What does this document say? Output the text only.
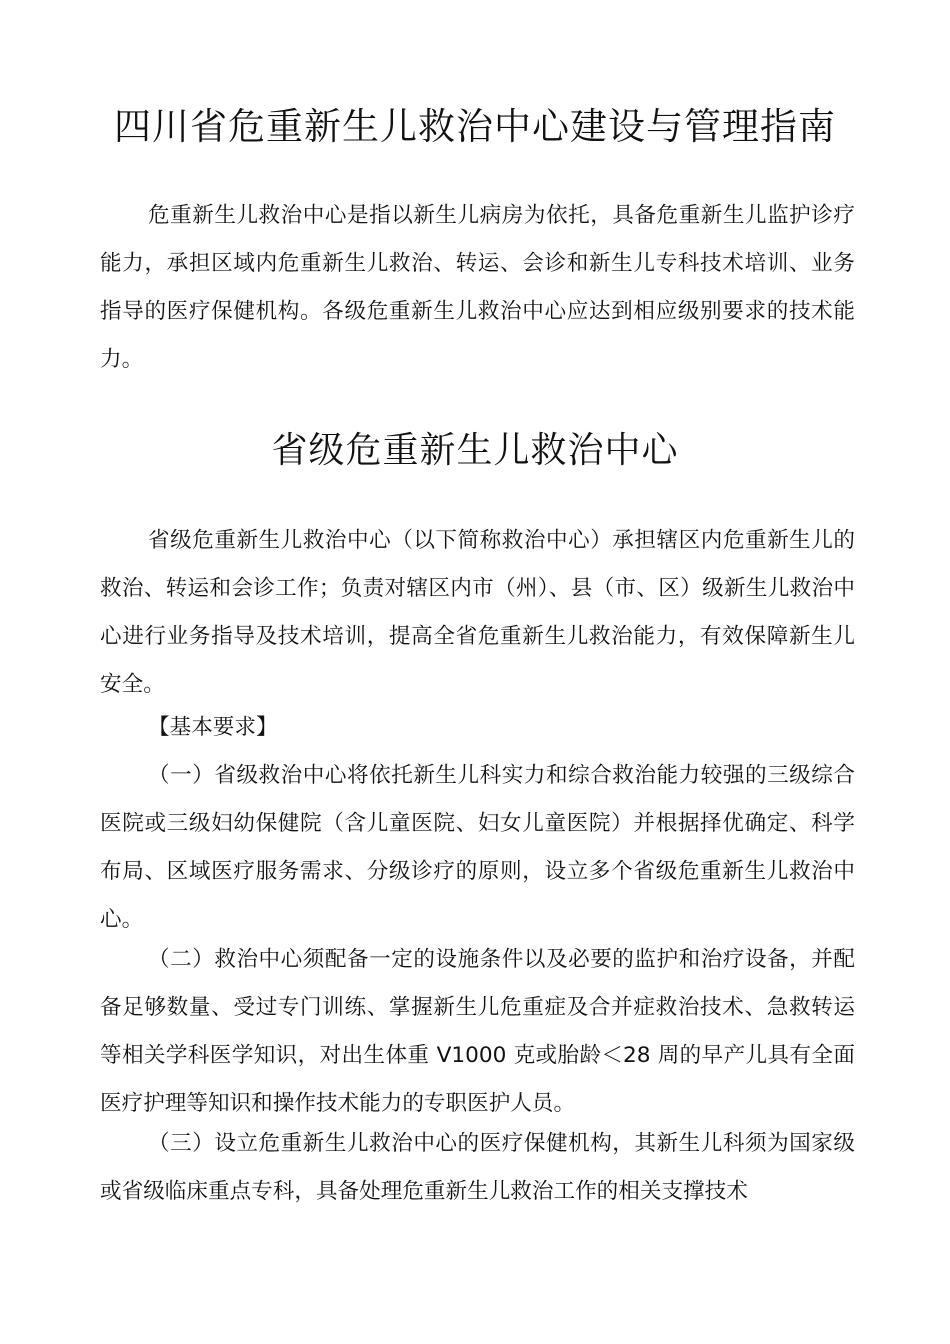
四川省危重新生儿救治中心建设与管理指南

危重新生儿救治中心是指以新生儿病房为依托，具备危重新生儿监护诊疗能力，承担区域内危重新生儿救治、转运、会诊和新生儿专科技术培训、业务指导的医疗保健机构。各级危重新生儿救治中心应达到相应级别要求的技术能力。

省级危重新生儿救治中心

省级危重新生儿救治中心（以下简称救治中心）承担辖区内危重新生儿的救治、转运和会诊工作；负责对辖区内市（州）、县（市、区）级新生儿救治中心进行业务指导及技术培训，提高全省危重新生儿救治能力，有效保障新生儿安全。

【基本要求】

（一）省级救治中心将依托新生儿科实力和综合救治能力较强的三级综合医院或三级妇幼保健院（含儿童医院、妇女儿童医院）并根据择优确定、科学布局、区域医疗服务需求、分级诊疗的原则，设立多个省级危重新生儿救治中心。

（二）救治中心须配备一定的设施条件以及必要的监护和治疗设备，并配备足够数量、受过专门训练、掌握新生儿危重症及合并症救治技术、急救转运等相关学科医学知识，对出生体重 V1000 克或胎龄＜28 周的早产儿具有全面医疗护理等知识和操作技术能力的专职医护人员。

（三）设立危重新生儿救治中心的医疗保健机构，其新生儿科须为国家级或省级临床重点专科，具备处理危重新生儿救治工作的相关支撑技术
